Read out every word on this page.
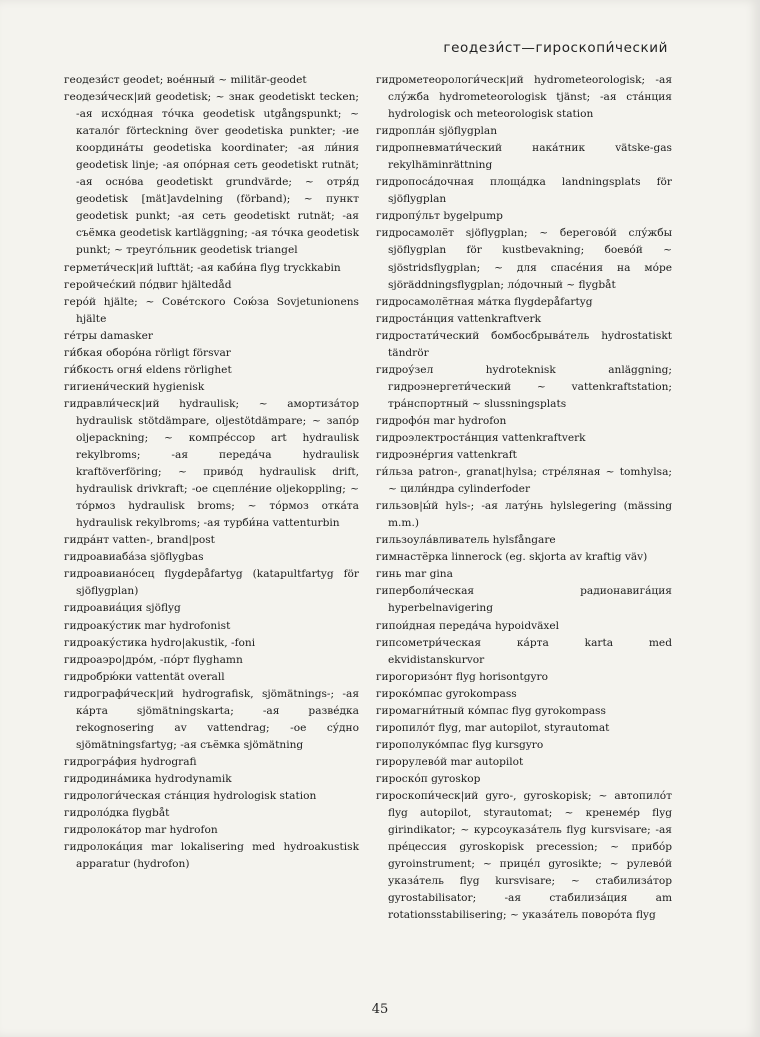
геодези́ст—гироскопи́ческий
геодези́ст geodet; вое́нный ~ militär-geodet
геодези́ческ|ий geodetisk; ~ знак geodetiskt tecken; -ая исхо́дная то́чка geodetisk utgångspunkt; ~ катало́г förteckning över geodetiska punkter; -ие координа́ты geodetiska koordinater; -ая ли́ния geodetisk linje; -ая опо́рная сеть geodetiskt rutnät; -ая осно́ва geodetiskt grundvärde; ~ отря́д geodetisk [mät]avdelning (förband); ~ пункт geodetisk punkt; -ая сеть geodetiskt rutnät; -ая съёмка geodetisk kartläggning; -ая то́чка geodetisk punkt; ~ треуго́льник geodetisk triangel
гермети́ческ|ий lufttät; -ая каби́на flyg tryckkabin
геройчес́кий по́двиг hjältedåd
геро́й hjälte; ~ Сове́тского Сою́за Sovjetunionens hjälte
ге́тры damasker
ги́бкая оборо́на rörligt försvar
ги́бкость огня́ eldens rörlighet
гигиени́ческий hygienisk
гидравли́ческ|ий hydraulisk; ~ амортиза́тор hydraulisk stötdämpare, oljestötdämpare; ~ запо́р oljepackning; ~ компре́ссор art hydraulisk rekylbroms; -ая переда́ча hydraulisk kraftöverföring; ~ приво́д hydraulisk drift, hydraulisk drivkraft; -ое сцепле́ние oljekoppling; ~ то́рмоз hydraulisk broms; ~ то́рмоз отка́та hydraulisk rekylbroms; -ая турби́на vattenturbin
гидра́нт vatten-, brand|post
гидроавиаба́за sjöflygbas
гидроавиано́сец flygdepåfartyg (katapultfartyg för sjöflygplan)
гидроавиа́ция sjöflyg
гидроаку́стик mar hydrofonist
гидроаку́стика hydro|akustik, -foni
гидроаэро|дро́м, -по́рт flyghamn
гидробрю́ки vattentät overall
гидрографи́ческ|ий hydrografisk, sjömätnings-; -ая ка́рта sjömätningskarta; -ая разве́дка rekognosering av vattendrag; -ое су́дно sjömätningsfartyg; -ая съёмка sjömätning
гидрогра́фия hydrografi
гидродина́мика hydrodynamik
гидрологи́ческая ста́нция hydrologisk station
гидроло́дка flygbåt
гидролока́тор mar hydrofon
гидролока́ция mar lokalisering med hydroakustisk apparatur (hydrofon)
гидрометеорологи́ческ|ий hydrometeorologisk; -ая слу́жба hydrometeorologisk tjänst; -ая ста́нция hydrologisk och meteorologisk station
гидропла́н sjöflygplan
гидропневмати́ческий нака́тник vätske-gas rekylhäminrättning
гидропоса́дочная площа́дка landningsplats för sjöflygplan
гидропу́льт bygelpump
гидросамолёт sjöflygplan; ~ берегово́й слу́жбы sjöflygplan för kustbevakning; боево́й ~ sjöstridsflygplan; ~ для спасе́ния на мо́ре sjöräddningsflygplan; ло́дочный ~ flygbåt
гидросамолётная ма́тка flygdepåfartyg
гидроста́нция vattenkraftverk
гидростати́ческий бомбосбрыва́тель hydrostatiskt tändrör
гидроу́зел hydroteknisk anläggning; гидроэнергети́ческий ~ vattenkraftstation; тра́нспортный ~ slussningsplats
гидрофо́н mar hydrofon
гидроэлектроста́нция vattenkraftverk
гидроэне́ргия vattenkraft
ги́льза patron-, granat|hylsa; стре́ляная ~ tomhylsa; ~ цили́ндра cylinderfoder
гильзов|ы́й hyls-; -ая лату́нь hylslegering (mässing m.m.)
гильзоула́вливатель hylsfångare
гимнастёрка linnerock (eg. skjorta av kraftig väv)
гинь mar gina
гиперболи́ческая радионавига́ция hyperbelnavigering
гипои́дная переда́ча hypoidväxel
гипсометри́ческая ка́рта karta med ekvidistanskurvor
гирогоризо́нт flyg horisontgyro
гироко́мпас gyrokompass
гиромагни́тный ко́мпас flyg gyrokompass
гиропило́т flyg, mar autopilot, styrautomat
гирополуко́мпас flyg kursgyro
гирорулево́й mar autopilot
гироско́п gyroskop
гироскопи́ческ|ий gyro-, gyroskopisk; ~ автопило́т flyg autopilot, styrautomat; ~ кренеме́р flyg girindikator; ~ курсоуказа́тель flyg kursvisare; -ая пре́цессия gyroskopisk precession; ~ прибо́р gyroinstrument; ~ прице́л gyrosikte; ~ рулево́й указа́тель flyg kursvisare; ~ стабилиза́тор gyrostabilisator; -ая стабилиза́ция am rotationsstabilisering; ~ указа́тель поворо́та flyg
45
